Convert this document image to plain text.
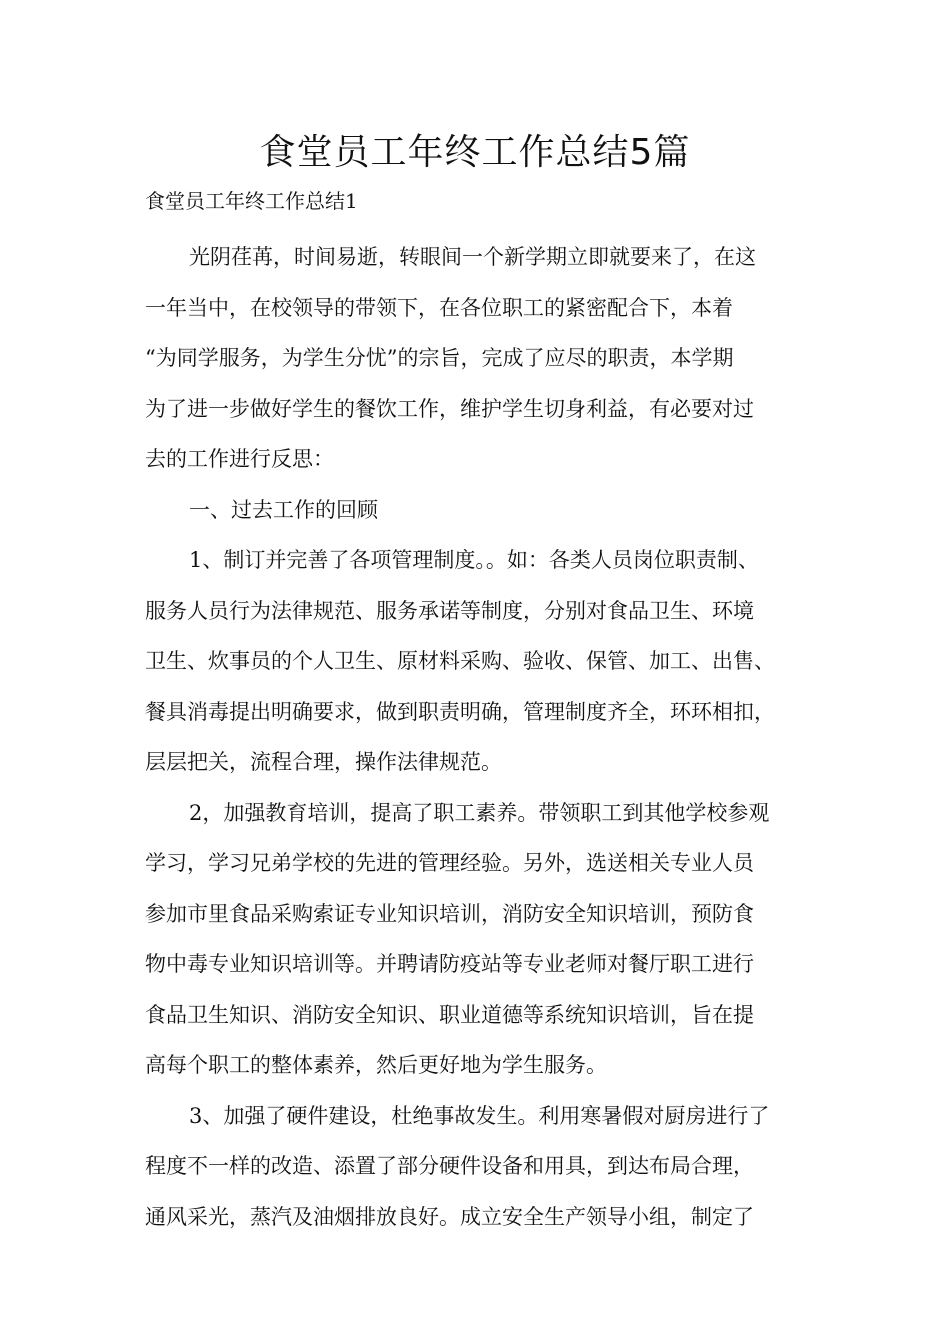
食堂员工年终工作总结5篇
食堂员工年终工作总结1
光阴荏苒，时间易逝，转眼间一个新学期立即就要来了，在这
一年当中，在校领导的带领下，在各位职工的紧密配合下，本着
“为同学服务，为学生分忧”的宗旨，完成了应尽的职责，本学期
为了进一步做好学生的餐饮工作，维护学生切身利益，有必要对过
去的工作进行反思：
一、过去工作的回顾
1、制订并完善了各项管理制度。。如：各类人员岗位职责制、
服务人员行为法律规范、服务承诺等制度，分别对食品卫生、环境
卫生、炊事员的个人卫生、原材料采购、验收、保管、加工、出售、
餐具消毒提出明确要求，做到职责明确，管理制度齐全，环环相扣，
层层把关，流程合理，操作法律规范。
2，加强教育培训，提高了职工素养。带领职工到其他学校参观
学习，学习兄弟学校的先进的管理经验。另外，选送相关专业人员
参加市里食品采购索证专业知识培训，消防安全知识培训，预防食
物中毒专业知识培训等。并聘请防疫站等专业老师对餐厅职工进行
食品卫生知识、消防安全知识、职业道德等系统知识培训，旨在提
高每个职工的整体素养，然后更好地为学生服务。
3、加强了硬件建设，杜绝事故发生。利用寒暑假对厨房进行了
程度不一样的改造、添置了部分硬件设备和用具，到达布局合理，
通风采光，蒸汽及油烟排放良好。成立安全生产领导小组，制定了
